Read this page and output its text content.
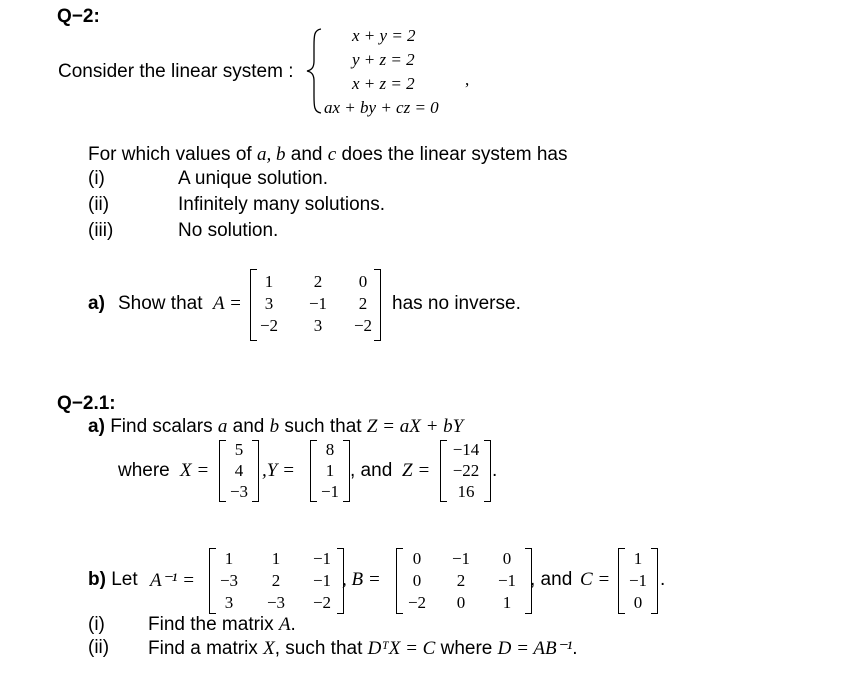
Q−2:
Consider the linear system :
x + y = 2
y + z = 2
x + z = 2
ax + by + cz = 0
,
For which values of a, b and c does the linear system has
(i)	A unique solution.
(ii)	Infinitely many solutions.
(iii)	No solution.
a) Show that A =
1	2	0
3	−1	2
−2	3	−2
has no inverse.
Q−2.1:
a) Find scalars a and b such that Z = aX + bY
where X =
5
4
−3
,Y =
8
1
−1
, and Z =
−14
−22
16
.
b) Let A⁻¹ =
1	1	−1
−3	2	−1
3	−3	−2
, B =
0	−1	0
0	2	−1
−2	0	1
, and C =
1
−1
0
.
(i) Find the matrix A.
(ii) Find a matrix X, such that DᵀX = C where D = AB⁻¹.
